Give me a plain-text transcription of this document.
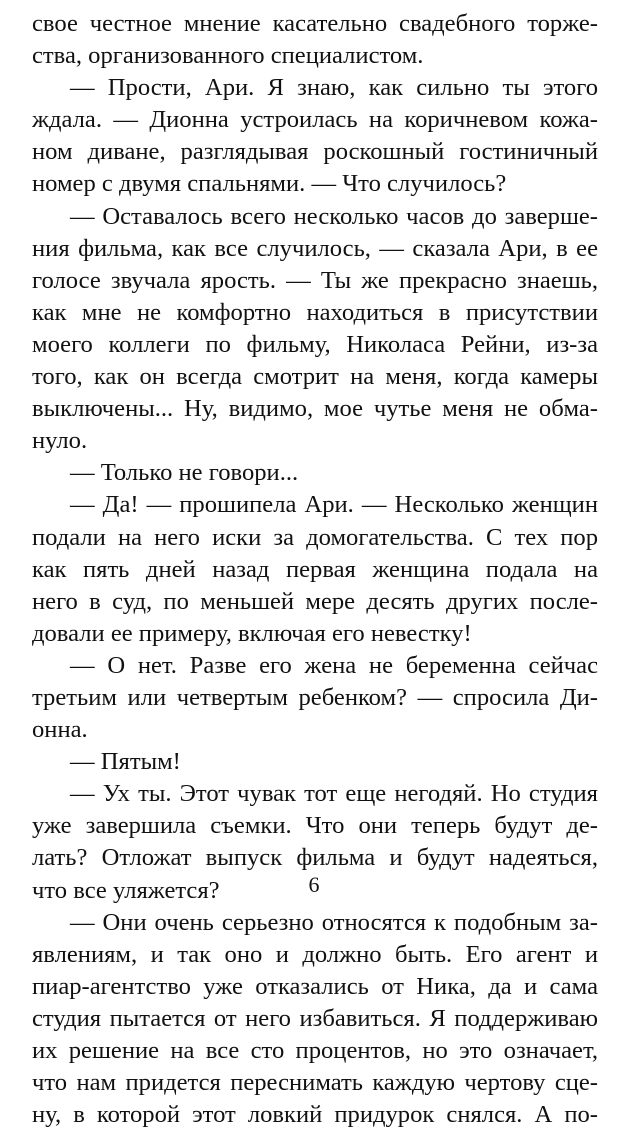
свое честное мнение касательно свадебного торже-
ства, организованного специалистом.
— Прости, Ари. Я знаю, как сильно ты этого
ждала. — Дионна устроилась на коричневом кожа-
ном диване, разглядывая роскошный гостиничный
номер с двумя спальнями. — Что случилось?
— Оставалось всего несколько часов до заверше-
ния фильма, как все случилось, — сказала Ари, в ее
голосе звучала ярость. — Ты же прекрасно знаешь,
как мне не комфортно находиться в присутствии
моего коллеги по фильму, Николаса Рейни, из-за
того, как он всегда смотрит на меня, когда камеры
выключены... Ну, видимо, мое чутье меня не обма-
нуло.
— Только не говори...
— Да! — прошипела Ари. — Несколько женщин
подали на него иски за домогательства. С тех пор
как пять дней назад первая женщина подала на
него в суд, по меньшей мере десять других после-
довали ее примеру, включая его невестку!
— О нет. Разве его жена не беременна сейчас
третьим или четвертым ребенком? — спросила Ди-
онна.
— Пятым!
— Ух ты. Этот чувак тот еще негодяй. Но студия
уже завершила съемки. Что они теперь будут де-
лать? Отложат выпуск фильма и будут надеяться,
что все уляжется?
— Они очень серьезно относятся к подобным за-
явлениям, и так оно и должно быть. Его агент и
пиар-агентство уже отказались от Ника, да и сама
студия пытается от него избавиться. Я поддерживаю
их решение на все сто процентов, но это означает,
что нам придется переснимать каждую чертову сце-
ну, в которой этот ловкий придурок снялся. А по-
6
